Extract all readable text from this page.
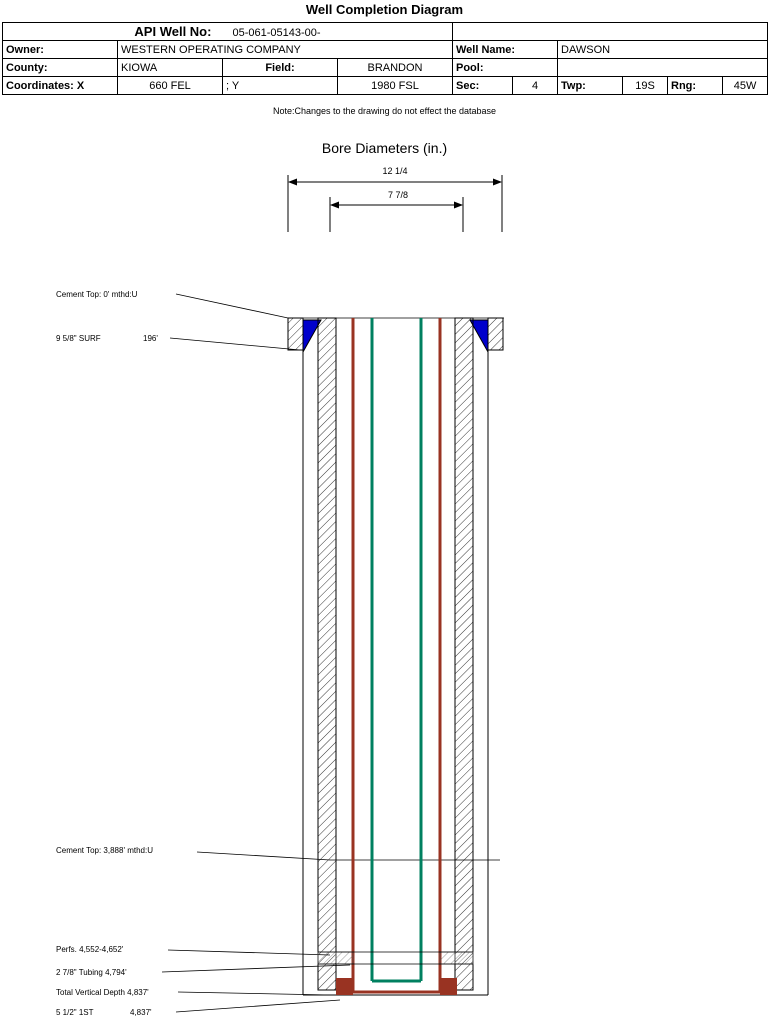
Well Completion Diagram
API Well No: 05-061-05143-00-									
Owner:	WESTERN OPERATING COMPANY			Well Name:		DAWSON			
County:	KIOWA	Field:	BRANDON	Pool:					
Coordinates: X	660 FEL	; Y	1980 FSL	Sec:	4	Twp:	19S	Rng:	45W
Note:Changes to the drawing do not effect the database
Bore Diameters (in.)
12 1/4
7 7/8
Cement Top: 0' mthd:U
9 5/8" SURF	196'
Cement Top: 3,888' mthd:U
Perfs. 4,552-4,652'
2 7/8" Tubing 4,794'
Total Vertical Depth 4,837'
5 1/2" 1ST	4,837'
